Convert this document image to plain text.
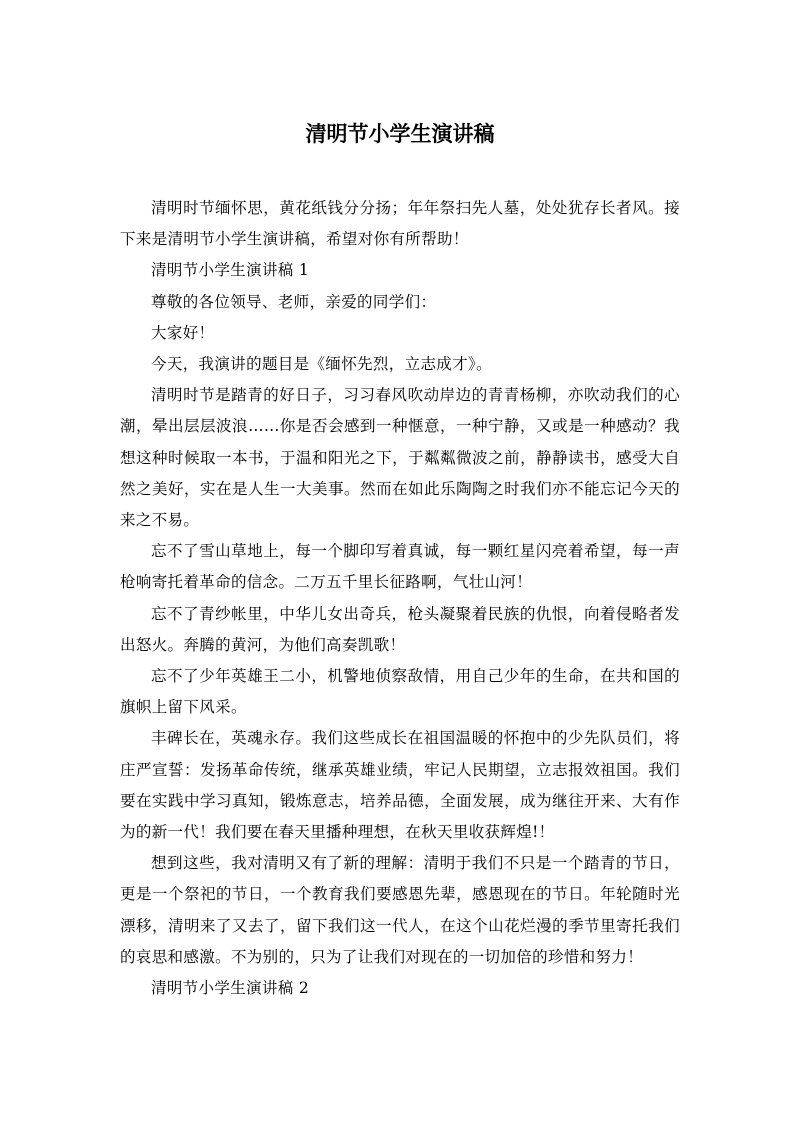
清明节小学生演讲稿

清明时节缅怀思，黄花纸钱分分扬；年年祭扫先人墓，处处犹存长者风。接下来是清明节小学生演讲稿，希望对你有所帮助！

清明节小学生演讲稿 1

尊敬的各位领导、老师，亲爱的同学们：

大家好！

今天，我演讲的题目是《缅怀先烈，立志成才》。

清明时节是踏青的好日子，习习春风吹动岸边的青青杨柳，亦吹动我们的心潮，晕出层层波浪……你是否会感到一种惬意，一种宁静，又或是一种感动？我想这种时候取一本书，于温和阳光之下，于粼粼微波之前，静静读书，感受大自然之美好，实在是人生一大美事。然而在如此乐陶陶之时我们亦不能忘记今天的来之不易。

忘不了雪山草地上，每一个脚印写着真诚，每一颗红星闪亮着希望，每一声枪响寄托着革命的信念。二万五千里长征路啊，气壮山河！

忘不了青纱帐里，中华儿女出奇兵，枪头凝聚着民族的仇恨，向着侵略者发出怒火。奔腾的黄河，为他们高奏凯歌！

忘不了少年英雄王二小，机警地侦察敌情，用自己少年的生命，在共和国的旗帜上留下风采。

丰碑长在，英魂永存。我们这些成长在祖国温暖的怀抱中的少先队员们，将庄严宣誓：发扬革命传统，继承英雄业绩，牢记人民期望，立志报效祖国。我们要在实践中学习真知，锻炼意志，培养品德，全面发展，成为继往开来、大有作为的新一代！我们要在春天里播种理想，在秋天里收获辉煌!！

想到这些，我对清明又有了新的理解：清明于我们不只是一个踏青的节日，更是一个祭祀的节日，一个教育我们要感恩先辈，感恩现在的节日。年轮随时光漂移，清明来了又去了，留下我们这一代人，在这个山花烂漫的季节里寄托我们的哀思和感激。不为别的，只为了让我们对现在的一切加倍的珍惜和努力！

清明节小学生演讲稿 2
